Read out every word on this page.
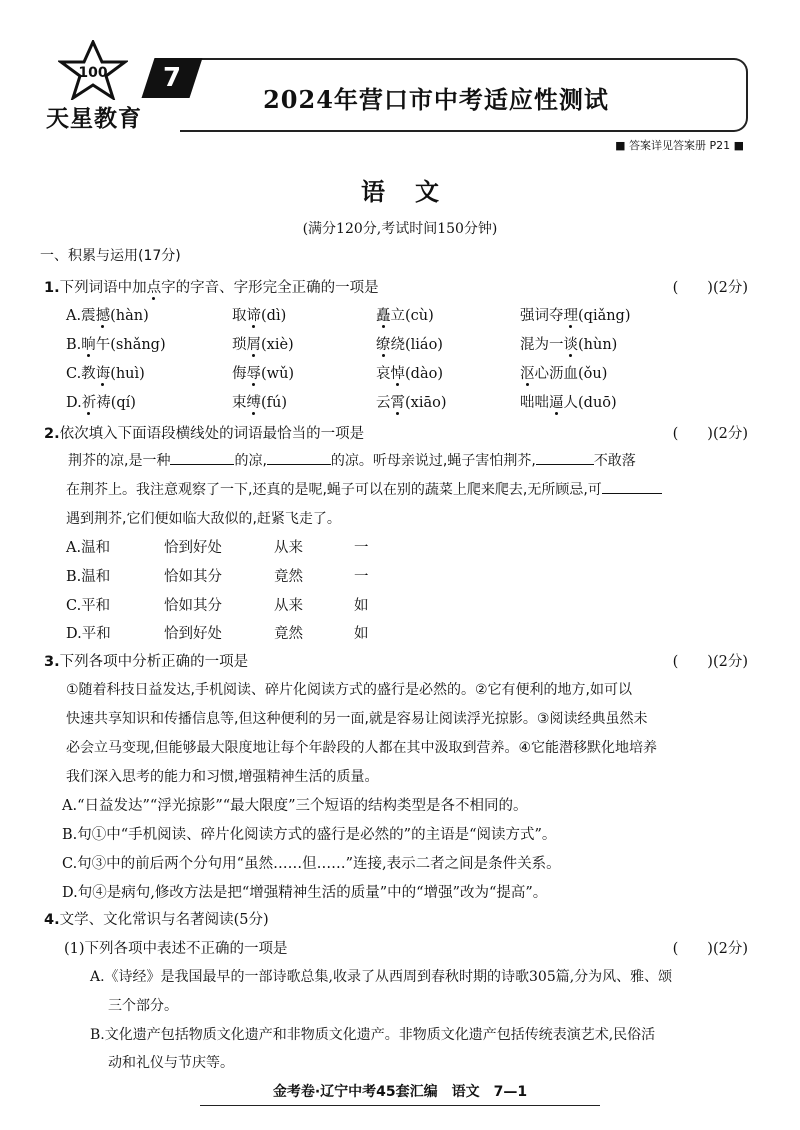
100
天星教育
7
2024年营口市中考适应性测试
■ 答案详见答案册 P21 ■
语文
(满分120分,考试时间150分钟)
一、积累与运用(17分)
1.下列词语中加点字的字音、字形完全正确的一项是	(　　)(2分)
A.震撼(hàn)	取谛(dì)	矗立(cù)	强词夺理(qiǎng)
B.晌午(shǎng)	琐屑(xiè)	缭绕(liáo)	混为一谈(hùn)
C.教诲(huì)	侮辱(wǔ)	哀悼(dào)	沤心沥血(ǒu)
D.祈祷(qí)	束缚(fú)	云霄(xiāo)	咄咄逼人(duō)
2.依次填入下面语段横线处的词语最恰当的一项是	(　　)(2分)
荆芥的凉,是一种	的凉,	的凉。听母亲说过,蝇子害怕荆芥,	不敢落
在荆芥上。我注意观察了一下,还真的是呢,蝇子可以在别的蔬菜上爬来爬去,无所顾忌,可
遇到荆芥,它们便如临大敌似的,赶紧飞走了。
A.温和	恰到好处	从来	一
B.温和	恰如其分	竟然	一
C.平和	恰如其分	从来	如
D.平和	恰到好处	竟然	如
3.下列各项中分析正确的一项是	(　　)(2分)
①随着科技日益发达,手机阅读、碎片化阅读方式的盛行是必然的。②它有便利的地方,如可以
快速共享知识和传播信息等,但这种便利的另一面,就是容易让阅读浮光掠影。③阅读经典虽然未
必会立马变现,但能够最大限度地让每个年龄段的人都在其中汲取到营养。④它能潜移默化地培养
我们深入思考的能力和习惯,增强精神生活的质量。
A.“日益发达”“浮光掠影”“最大限度”三个短语的结构类型是各不相同的。
B.句①中“手机阅读、碎片化阅读方式的盛行是必然的”的主语是“阅读方式”。
C.句③中的前后两个分句用“虽然……但……”连接,表示二者之间是条件关系。
D.句④是病句,修改方法是把“增强精神生活的质量”中的“增强”改为“提高”。
4.文学、文化常识与名著阅读(5分)
(1)下列各项中表述不正确的一项是	(　　)(2分)
A.《诗经》是我国最早的一部诗歌总集,收录了从西周到春秋时期的诗歌305篇,分为风、雅、颂
三个部分。
B.文化遗产包括物质文化遗产和非物质文化遗产。非物质文化遗产包括传统表演艺术,民俗活
动和礼仪与节庆等。
金考卷·辽宁中考45套汇编　语文　7—1
